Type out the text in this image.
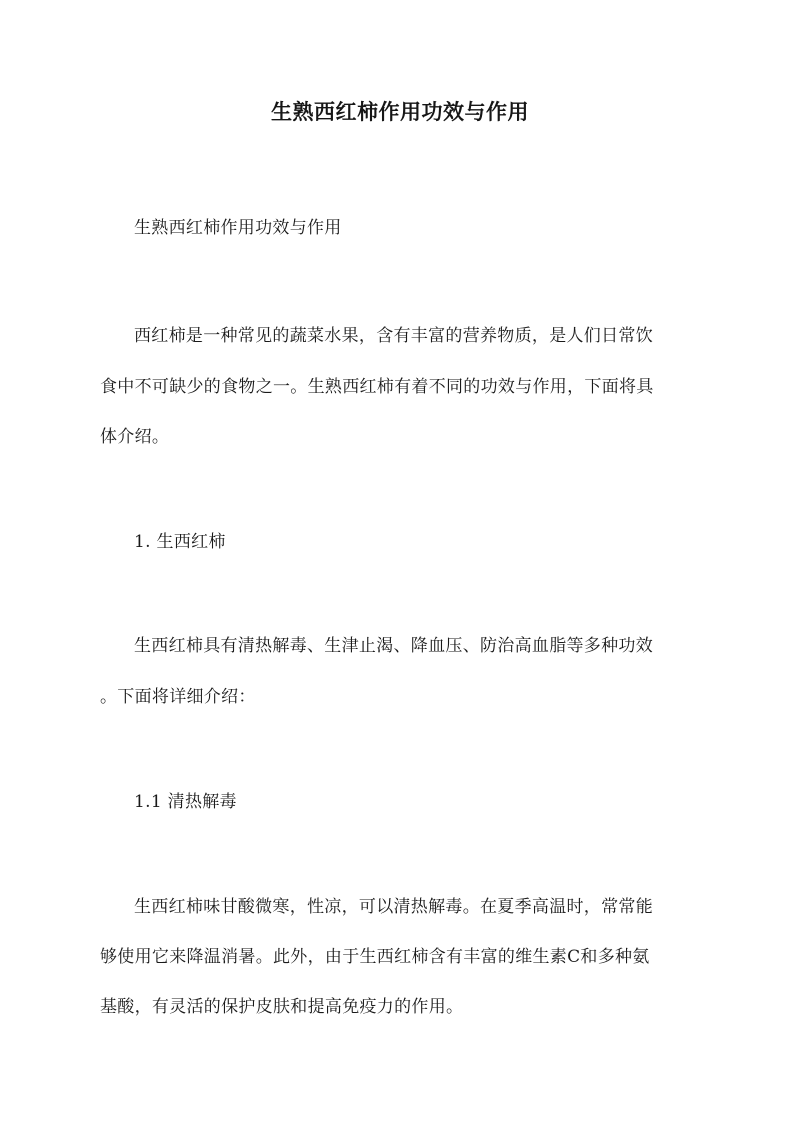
生熟西红柿作用功效与作用
生熟西红柿作用功效与作用
西红柿是一种常见的蔬菜水果，含有丰富的营养物质，是人们日常饮
食中不可缺少的食物之一。生熟西红柿有着不同的功效与作用，下面将具
体介绍。
1. 生西红柿
生西红柿具有清热解毒、生津止渴、降血压、防治高血脂等多种功效
。下面将详细介绍：
1.1 清热解毒
生西红柿味甘酸微寒，性凉，可以清热解毒。在夏季高温时，常常能
够使用它来降温消暑。此外，由于生西红柿含有丰富的维生素C和多种氨
基酸，有灵活的保护皮肤和提高免疫力的作用。
